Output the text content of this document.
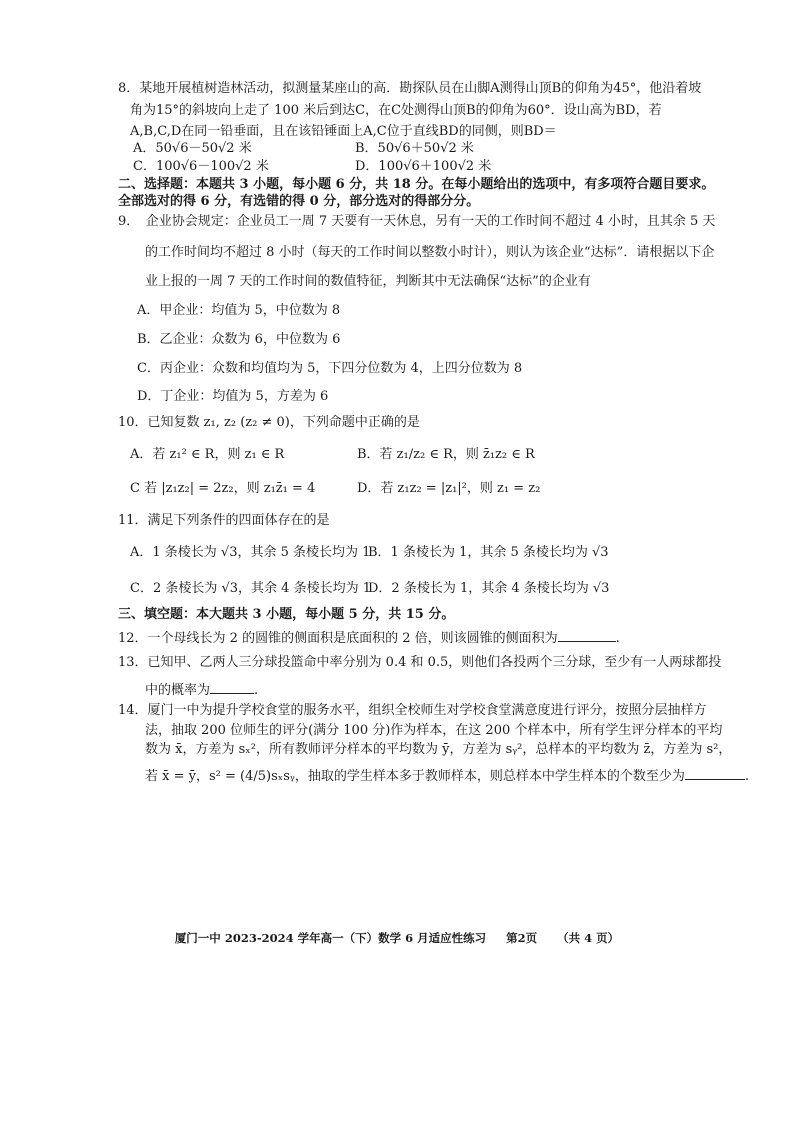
8．某地开展植树造林活动，拟测量某座山的高．勘探队员在山脚A测得山顶B的仰角为45°，他沿着坡
角为15°的斜坡向上走了 100 米后到达C，在C处测得山顶B的仰角为60°．设山高为BD，若
A,B,C,D在同一铅垂面，且在该铅锤面上A,C位于直线BD的同侧，则BD＝
A．50√6－50√2 米	B．50√6＋50√2 米
C．100√6－100√2 米	D．100√6＋100√2 米
二、选择题：本题共 3 小题，每小题 6 分，共 18 分。在每小题给出的选项中，有多项符合题目要求。
全部选对的得 6 分，有选错的得 0 分，部分选对的得部分分。
9．　企业协会规定：企业员工一周 7 天要有一天休息，另有一天的工作时间不超过 4 小时，且其余 5 天
的工作时间均不超过 8 小时（每天的工作时间以整数小时计），则认为该企业“达标”．请根据以下企
业上报的一周 7 天的工作时间的数值特征，判断其中无法确保“达标”的企业有
A．甲企业：均值为 5，中位数为 8
B．乙企业：众数为 6，中位数为 6
C．丙企业：众数和均值均为 5，下四分位数为 4，上四分位数为 8
D．丁企业：均值为 5，方差为 6
10．已知复数 z₁, z₂ (z₂ ≠ 0)，下列命题中正确的是
A．若 z₁² ∈ R，则 z₁ ∈ R	B．若 z₁/z₂ ∈ R，则 z̄₁z₂ ∈ R
C 若 |z₁z₂| = 2z₂，则 z₁z̄₁ = 4	D．若 z₁z₂ = |z₁|²，则 z₁ = z₂
11．满足下列条件的四面体存在的是
A．1 条棱长为 √3，其余 5 条棱长均为 1
B．1 条棱长为 1，其余 5 条棱长均为 √3
C．2 条棱长为 √3，其余 4 条棱长均为 1
D．2 条棱长为 1，其余 4 条棱长均为 √3
三、填空题：本大题共 3 小题，每小题 5 分，共 15 分。
12．一个母线长为 2 的圆锥的侧面积是底面积的 2 倍，则该圆锥的侧面积为	.
13．已知甲、乙两人三分球投篮命中率分别为 0.4 和 0.5，则他们各投两个三分球，至少有一人两球都投
中的概率为	.
14．厦门一中为提升学校食堂的服务水平，组织全校师生对学校食堂满意度进行评分，按照分层抽样方
法，抽取 200 位师生的评分(满分 100 分)作为样本，在这 200 个样本中，所有学生评分样本的平均
数为 x̄，方差为 sₓ²，所有教师评分样本的平均数为 ȳ，方差为 sᵧ²，总样本的平均数为 z̄，方差为 s²，
若 x̄ = ȳ，s² = (4/5)sₓsᵧ，抽取的学生样本多于教师样本，则总样本中学生样本的个数至少为	.
厦门一中 2023-2024 学年高一（下）数学 6 月适应性练习 第2页 （共 4 页）
